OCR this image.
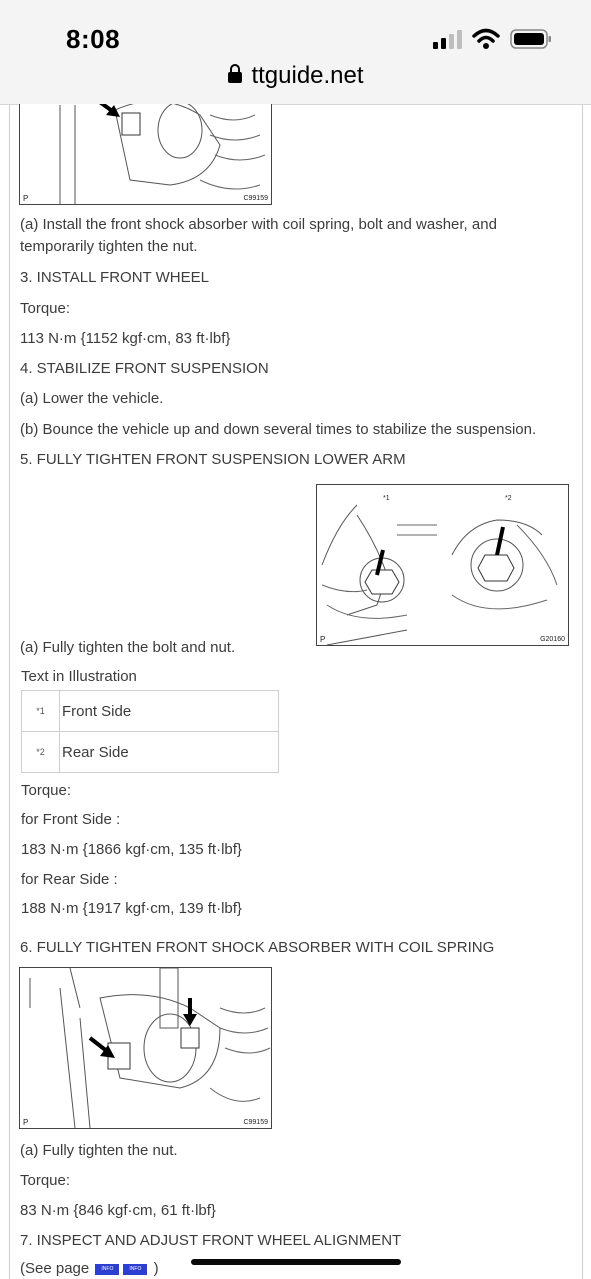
8:08
ttguide.net
P	C99159
(a) Install the front shock absorber with coil spring, bolt and washer, and
temporarily tighten the nut.
3. INSTALL FRONT WHEEL
Torque:
113 N·m {1152 kgf·cm, 83 ft·lbf}
4. STABILIZE FRONT SUSPENSION
(a) Lower the vehicle.
(b) Bounce the vehicle up and down several times to stabilize the suspension.
5. FULLY TIGHTEN FRONT SUSPENSION LOWER ARM
*1	*2
P	G20160
(a) Fully tighten the bolt and nut.
Text in Illustration
*1	Front Side
*2	Rear Side
Torque:
for Front Side :
183 N·m {1866 kgf·cm, 135 ft·lbf}
for Rear Side :
188 N·m {1917 kgf·cm, 139 ft·lbf}
6. FULLY TIGHTEN FRONT SHOCK ABSORBER WITH COIL SPRING
P	C99159
(a) Fully tighten the nut.
Torque:
83 N·m {846 kgf·cm, 61 ft·lbf}
7. INSPECT AND ADJUST FRONT WHEEL ALIGNMENT
(See page INFO	INFO )
